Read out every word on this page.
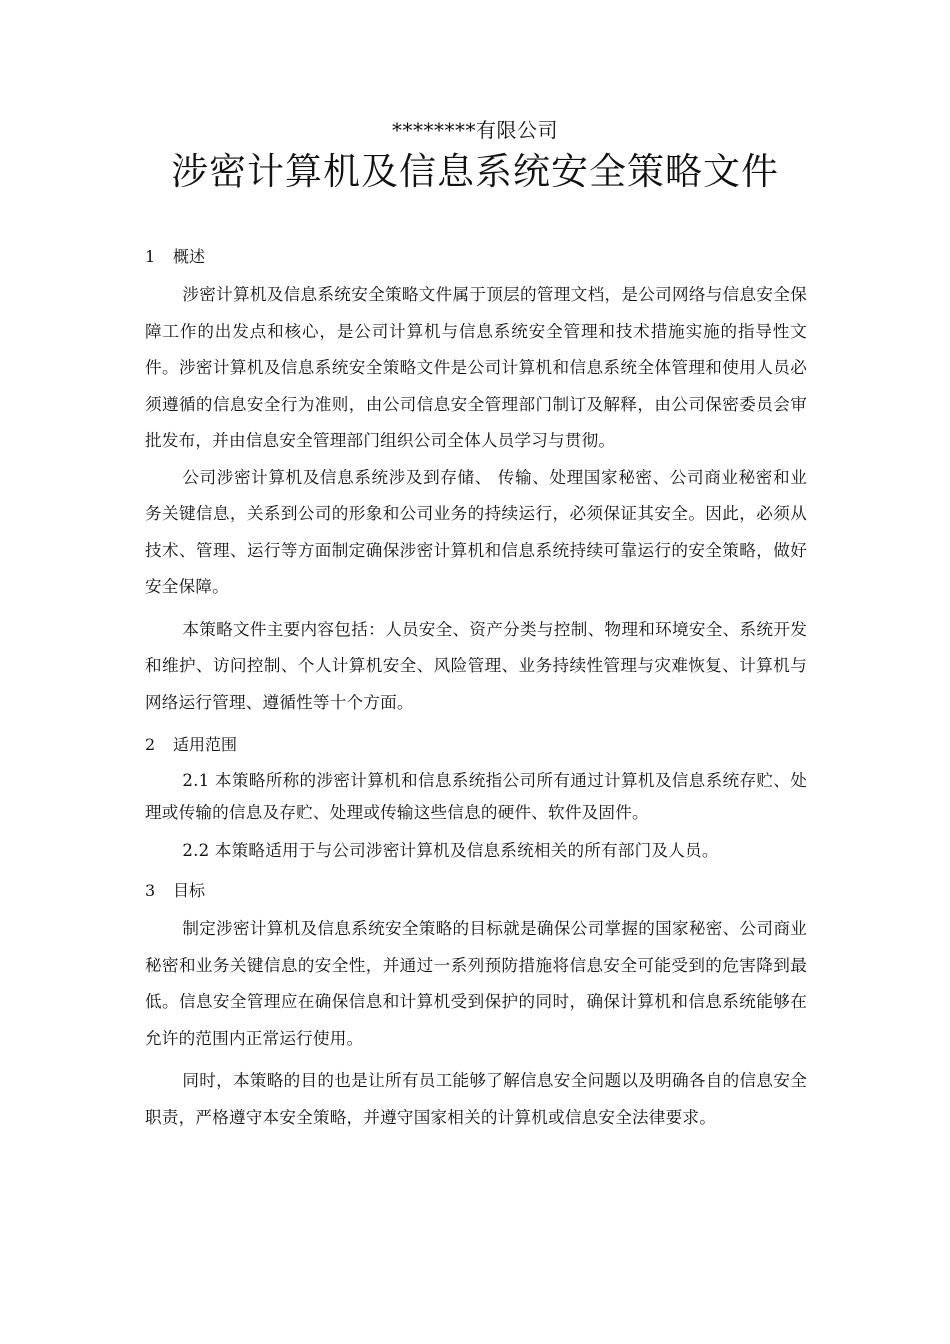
********有限公司
涉密计算机及信息系统安全策略文件
1 概述

涉密计算机及信息系统安全策略文件属于顶层的管理文档，是公司网络与信息安全保障工作的出发点和核心，是公司计算机与信息系统安全管理和技术措施实施的指导性文件。涉密计算机及信息系统安全策略文件是公司计算机和信息系统全体管理和使用人员必须遵循的信息安全行为准则，由公司信息安全管理部门制订及解释，由公司保密委员会审批发布，并由信息安全管理部门组织公司全体人员学习与贯彻。

公司涉密计算机及信息系统涉及到存储、 传输、处理国家秘密、公司商业秘密和业务关键信息，关系到公司的形象和公司业务的持续运行，必须保证其安全。因此，必须从技术、管理、运行等方面制定确保涉密计算机和信息系统持续可靠运行的安全策略，做好安全保障。

本策略文件主要内容包括：人员安全、资产分类与控制、物理和环境安全、系统开发和维护、访问控制、个人计算机安全、风险管理、业务持续性管理与灾难恢复、计算机与网络运行管理、遵循性等十个方面。

2 适用范围

2.1 本策略所称的涉密计算机和信息系统指公司所有通过计算机及信息系统存贮、处理或传输的信息及存贮、处理或传输这些信息的硬件、软件及固件。

2.2 本策略适用于与公司涉密计算机及信息系统相关的所有部门及人员。

3 目标

制定涉密计算机及信息系统安全策略的目标就是确保公司掌握的国家秘密、公司商业秘密和业务关键信息的安全性，并通过一系列预防措施将信息安全可能受到的危害降到最低。信息安全管理应在确保信息和计算机受到保护的同时，确保计算机和信息系统能够在允许的范围内正常运行使用。

同时，本策略的目的也是让所有员工能够了解信息安全问题以及明确各自的信息安全职责，严格遵守本安全策略，并遵守国家相关的计算机或信息安全法律要求。
